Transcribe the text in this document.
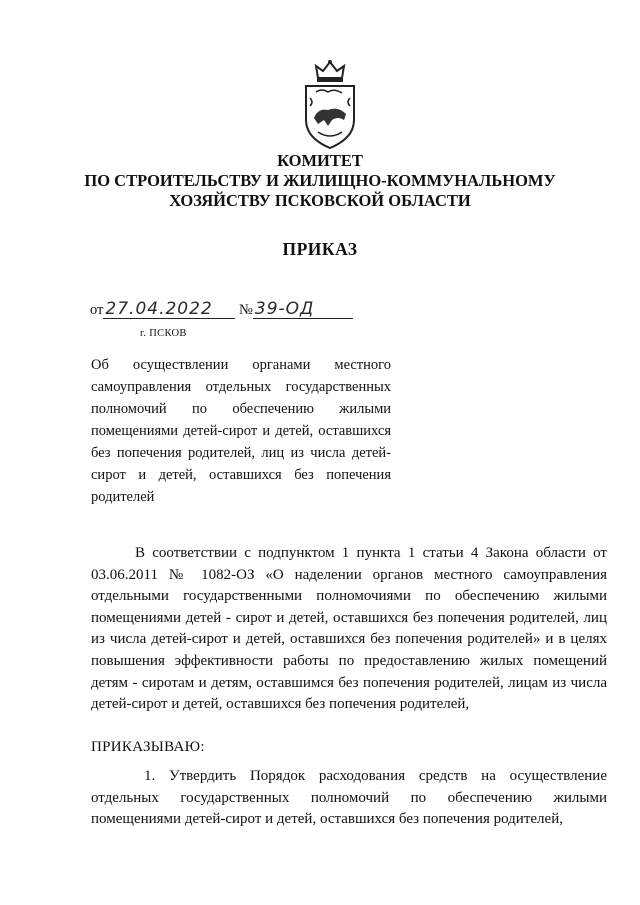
КОМИТЕТ
ПО СТРОИТЕЛЬСТВУ И ЖИЛИЩНО-КОММУНАЛЬНОМУ
ХОЗЯЙСТВУ ПСКОВСКОЙ ОБЛАСТИ
ПРИКАЗ
от 27.04.2022 № 39-ОД
г. ПСКОВ
Об осуществлении органами местного самоуправления отдельных государственных полномочий по обеспечению жилыми помещениями детей-сирот и детей, оставшихся без попечения родителей, лиц из числа детей-сирот и детей, оставшихся без попечения родителей
В соответствии с подпунктом 1 пункта 1 статьи 4 Закона области от 03.06.2011 № 1082-ОЗ «О наделении органов местного самоуправления отдельными государственными полномочиями по обеспечению жилыми помещениями детей - сирот и детей, оставшихся без попечения родителей, лиц из числа детей-сирот и детей, оставшихся без попечения родителей» и в целях повышения эффективности работы по предоставлению жилых помещений детям - сиротам и детям, оставшимся без попечения родителей, лицам из числа детей-сирот и детей, оставшихся без попечения родителей,
ПРИКАЗЫВАЮ:
1. Утвердить Порядок расходования средств на осуществление отдельных государственных полномочий по обеспечению жилыми помещениями детей-сирот и детей, оставшихся без попечения родителей,
